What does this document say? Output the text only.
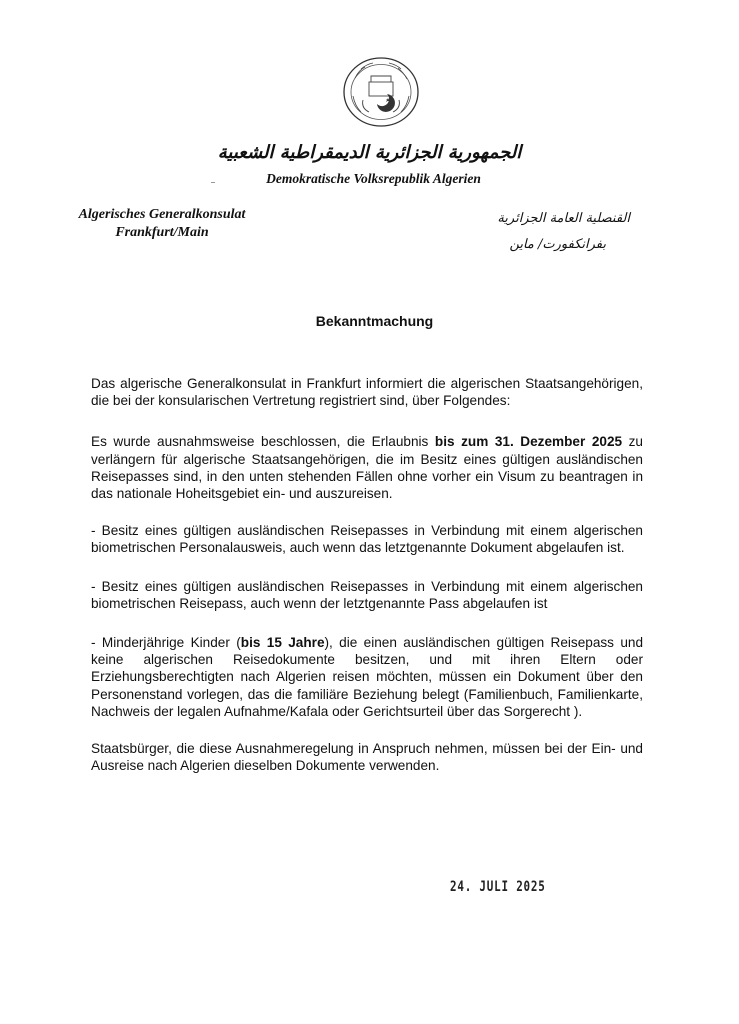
الجمهورية الجزائرية الديمقراطية الشعبية
Demokratische Volksrepublik Algerien
Algerisches Generalkonsulat
Frankfurt/Main
القنصلية العامة الجزائرية
بفرانكفورت/ ماين
Bekanntmachung

Das algerische Generalkonsulat in Frankfurt informiert die algerischen Staatsangehörigen, die bei der konsularischen Vertretung registriert sind, über Folgendes:

Es wurde ausnahmsweise beschlossen, die Erlaubnis bis zum 31. Dezember 2025 zu verlängern für algerische Staatsangehörigen, die im Besitz eines gültigen ausländischen Reisepasses sind, in den unten stehenden Fällen ohne vorher ein Visum zu beantragen in das nationale Hoheitsgebiet ein- und auszureisen.

- Besitz eines gültigen ausländischen Reisepasses in Verbindung mit einem algerischen biometrischen Personalausweis, auch wenn das letztgenannte Dokument abgelaufen ist.

- Besitz eines gültigen ausländischen Reisepasses in Verbindung mit einem algerischen biometrischen Reisepass, auch wenn der letztgenannte Pass abgelaufen ist

- Minderjährige Kinder (bis 15 Jahre), die einen ausländischen gültigen Reisepass und keine algerischen Reisedokumente besitzen, und mit ihren Eltern oder Erziehungsberechtigten nach Algerien reisen möchten, müssen ein Dokument über den Personenstand vorlegen, das die familiäre Beziehung belegt (Familienbuch, Familienkarte, Nachweis der legalen Aufnahme/Kafala oder Gerichtsurteil über das Sorgerecht ).

Staatsbürger, die diese Ausnahmeregelung in Anspruch nehmen, müssen bei der Ein- und Ausreise nach Algerien dieselben Dokumente verwenden.

24. JULI 2025
